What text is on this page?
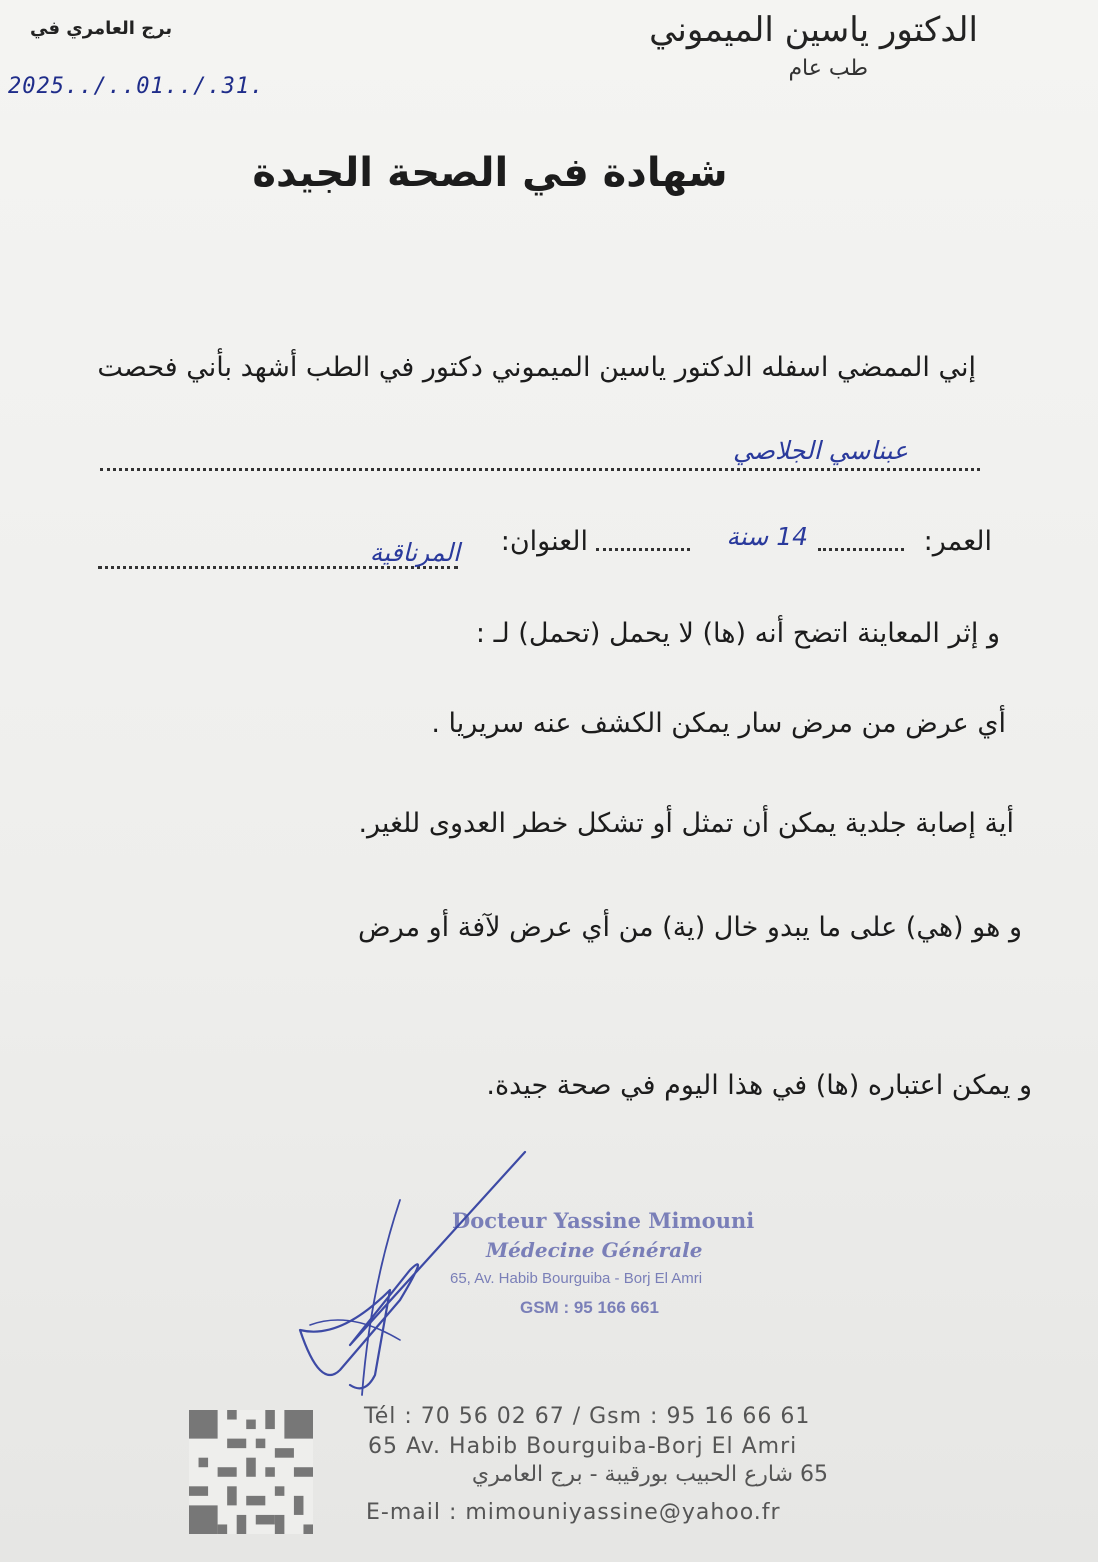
الدكتور ياسين الميموني
طب عام
برج العامري في
2025../..01../.31.
شهادة في الصحة الجيدة
إني الممضي اسفله الدكتور ياسين الميموني دكتور في الطب أشهد بأني فحصت
عبناسي الجلاصي
العمر:
14 سنة
العنوان:
المرناقية
و إثر المعاينة اتضح أنه (ها) لا يحمل (تحمل) لـ :
أي عرض من مرض سار يمكن الكشف عنه سريريا .
أية إصابة جلدية يمكن أن تمثل أو تشكل خطر العدوى للغير.
و هو (هي) على ما يبدو خال (ية) من أي عرض لآفة أو مرض
و يمكن اعتباره (ها) في هذا اليوم في صحة جيدة.
Docteur Yassine Mimouni
Médecine Générale
65, Av. Habib Bourguiba - Borj El Amri
GSM : 95 166 661
Tél : 70 56 02 67 / Gsm : 95 16 66 61
65 Av. Habib Bourguiba-Borj El Amri
65 شارع الحبيب بورقيبة - برج العامري
E-mail : mimouniyassine@yahoo.fr
